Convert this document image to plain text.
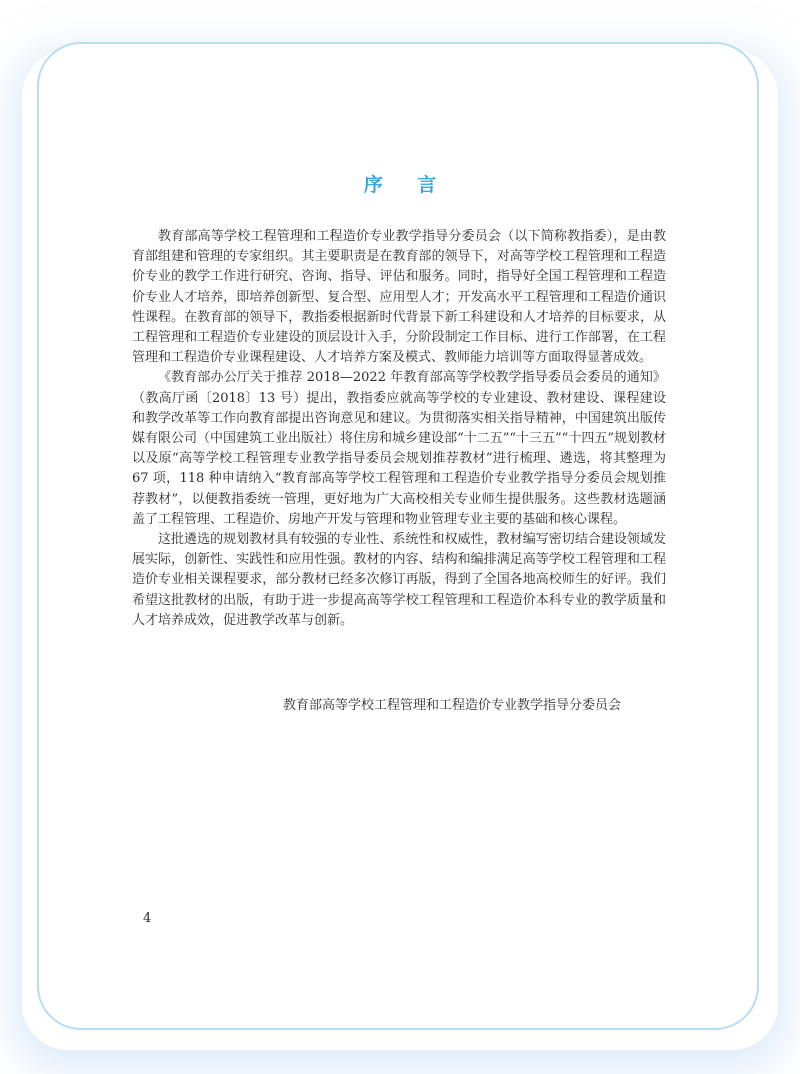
序 言

教育部高等学校工程管理和工程造价专业教学指导分委员会（以下简称教指委），是由教育部组建和管理的专家组织。其主要职责是在教育部的领导下，对高等学校工程管理和工程造价专业的教学工作进行研究、咨询、指导、评估和服务。同时，指导好全国工程管理和工程造价专业人才培养，即培养创新型、复合型、应用型人才；开发高水平工程管理和工程造价通识性课程。在教育部的领导下，教指委根据新时代背景下新工科建设和人才培养的目标要求，从工程管理和工程造价专业建设的顶层设计入手，分阶段制定工作目标、进行工作部署，在工程管理和工程造价专业课程建设、人才培养方案及模式、教师能力培训等方面取得显著成效。

《教育部办公厅关于推荐 2018—2022 年教育部高等学校教学指导委员会委员的通知》（教高厅函〔2018〕13 号）提出，教指委应就高等学校的专业建设、教材建设、课程建设和教学改革等工作向教育部提出咨询意见和建议。为贯彻落实相关指导精神，中国建筑出版传媒有限公司（中国建筑工业出版社）将住房和城乡建设部“十二五”“十三五”“十四五”规划教材以及原“高等学校工程管理专业教学指导委员会规划推荐教材”进行梳理、遴选，将其整理为 67 项，118 种申请纳入“教育部高等学校工程管理和工程造价专业教学指导分委员会规划推荐教材”，以便教指委统一管理，更好地为广大高校相关专业师生提供服务。这些教材选题涵盖了工程管理、工程造价、房地产开发与管理和物业管理专业主要的基础和核心课程。

这批遴选的规划教材具有较强的专业性、系统性和权威性，教材编写密切结合建设领域发展实际，创新性、实践性和应用性强。教材的内容、结构和编排满足高等学校工程管理和工程造价专业相关课程要求，部分教材已经多次修订再版，得到了全国各地高校师生的好评。我们希望这批教材的出版，有助于进一步提高高等学校工程管理和工程造价本科专业的教学质量和人才培养成效，促进教学改革与创新。

教育部高等学校工程管理和工程造价专业教学指导分委员会
4
